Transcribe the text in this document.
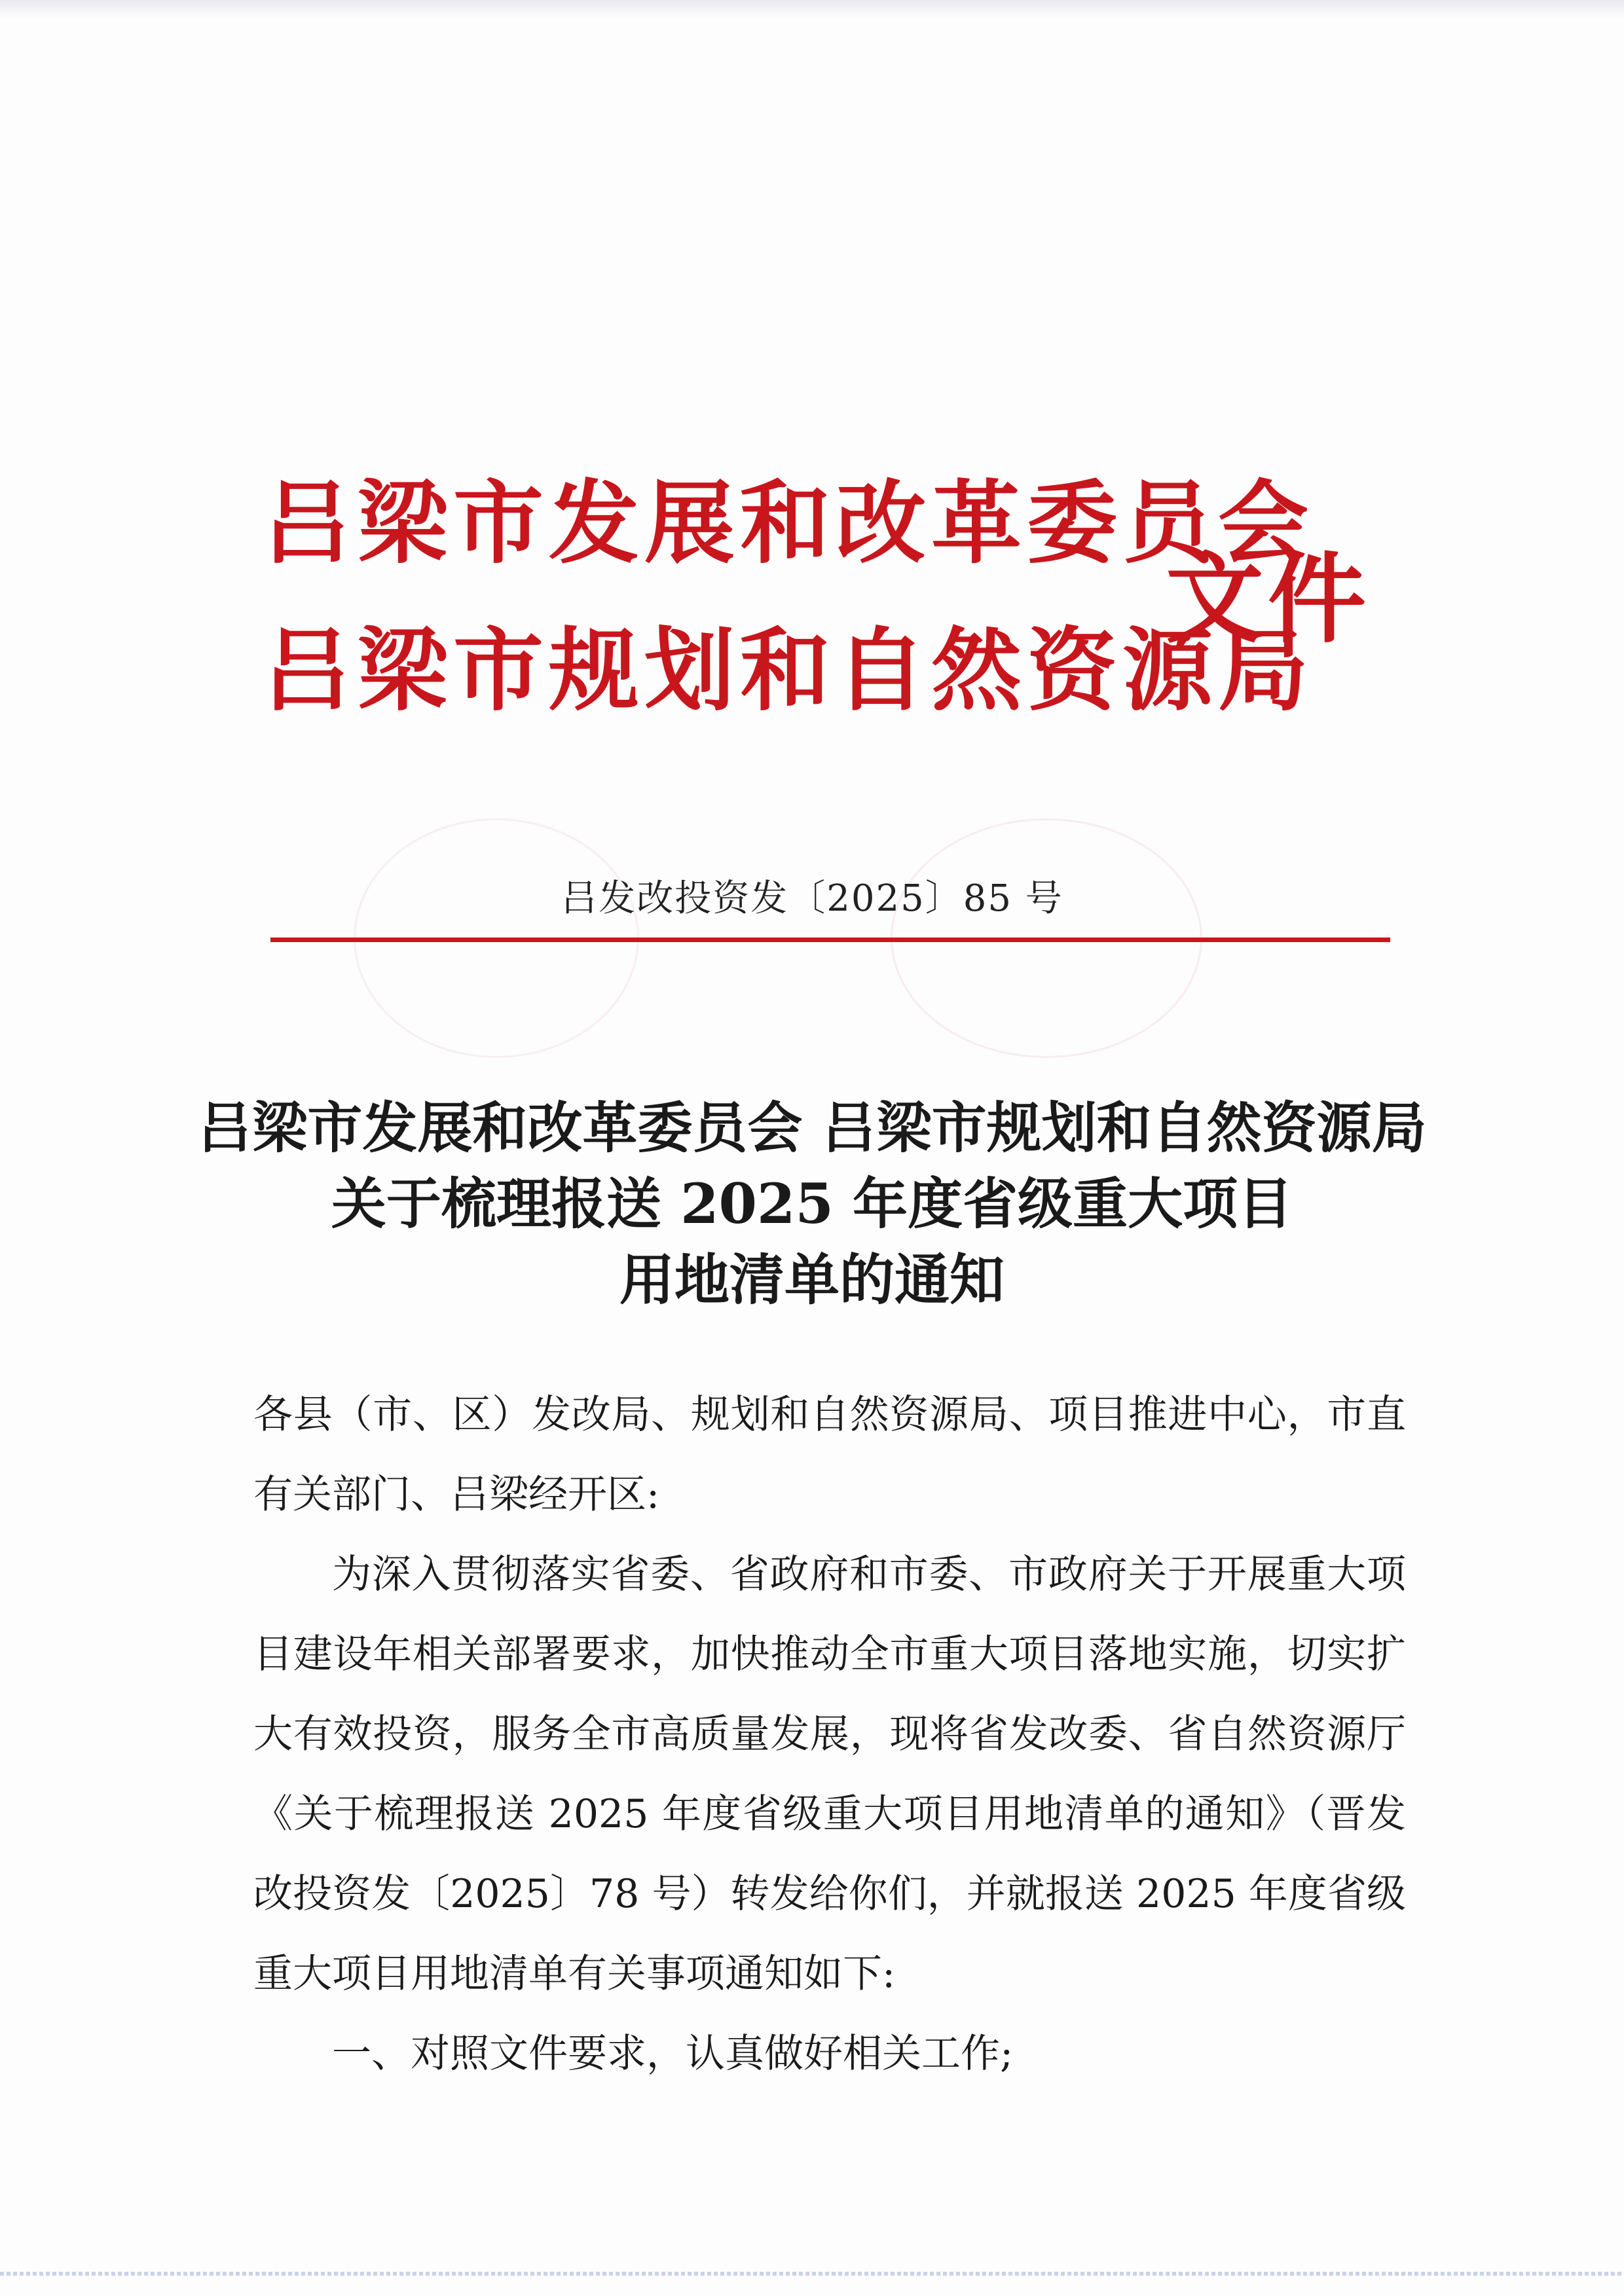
吕梁市发展和改革委员会
吕梁市规划和自然资源局
文件
吕发改投资发〔2025〕85 号
吕梁市发展和改革委员会 吕梁市规划和自然资源局
关于梳理报送 2025 年度省级重大项目
用地清单的通知

各县（市、区）发改局、规划和自然资源局、项目推进中心，市直有关部门、吕梁经开区:

为深入贯彻落实省委、省政府和市委、市政府关于开展重大项目建设年相关部署要求，加快推动全市重大项目落地实施，切实扩大有效投资，服务全市高质量发展，现将省发改委、省自然资源厅《关于梳理报送 2025 年度省级重大项目用地清单的通知》（晋发改投资发〔2025〕78 号）转发给你们，并就报送 2025 年度省级重大项目用地清单有关事项通知如下:

一、对照文件要求，认真做好相关工作;
